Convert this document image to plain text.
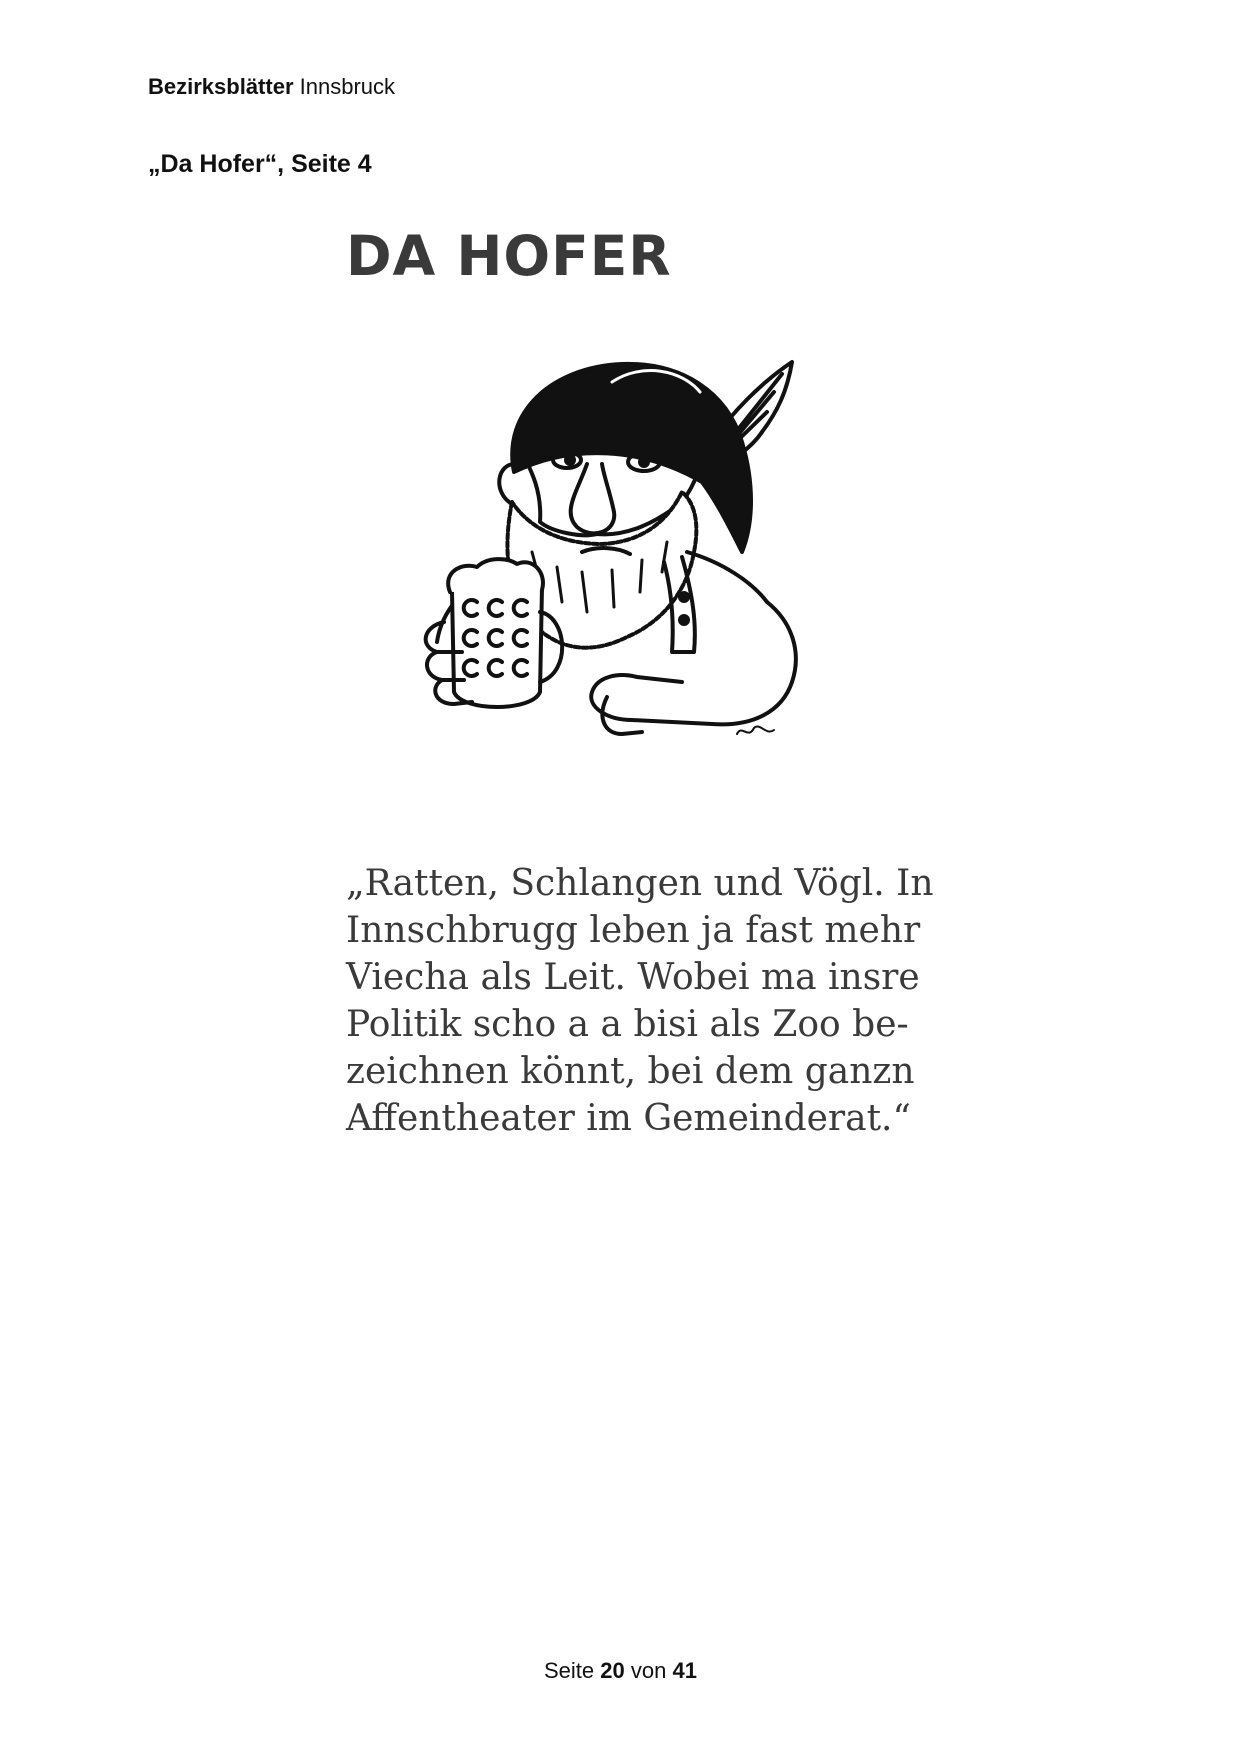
Bezirksblätter Innsbruck
„Da Hofer“, Seite 4
DA HOFER
„Ratten, Schlangen und Vögl. In
Innschbrugg leben ja fast mehr
Viecha als Leit. Wobei ma insre
Politik scho a a bisi als Zoo be-
zeichnen könnt, bei dem ganzn
Affentheater im Gemeinderat.“
Seite 20 von 41
